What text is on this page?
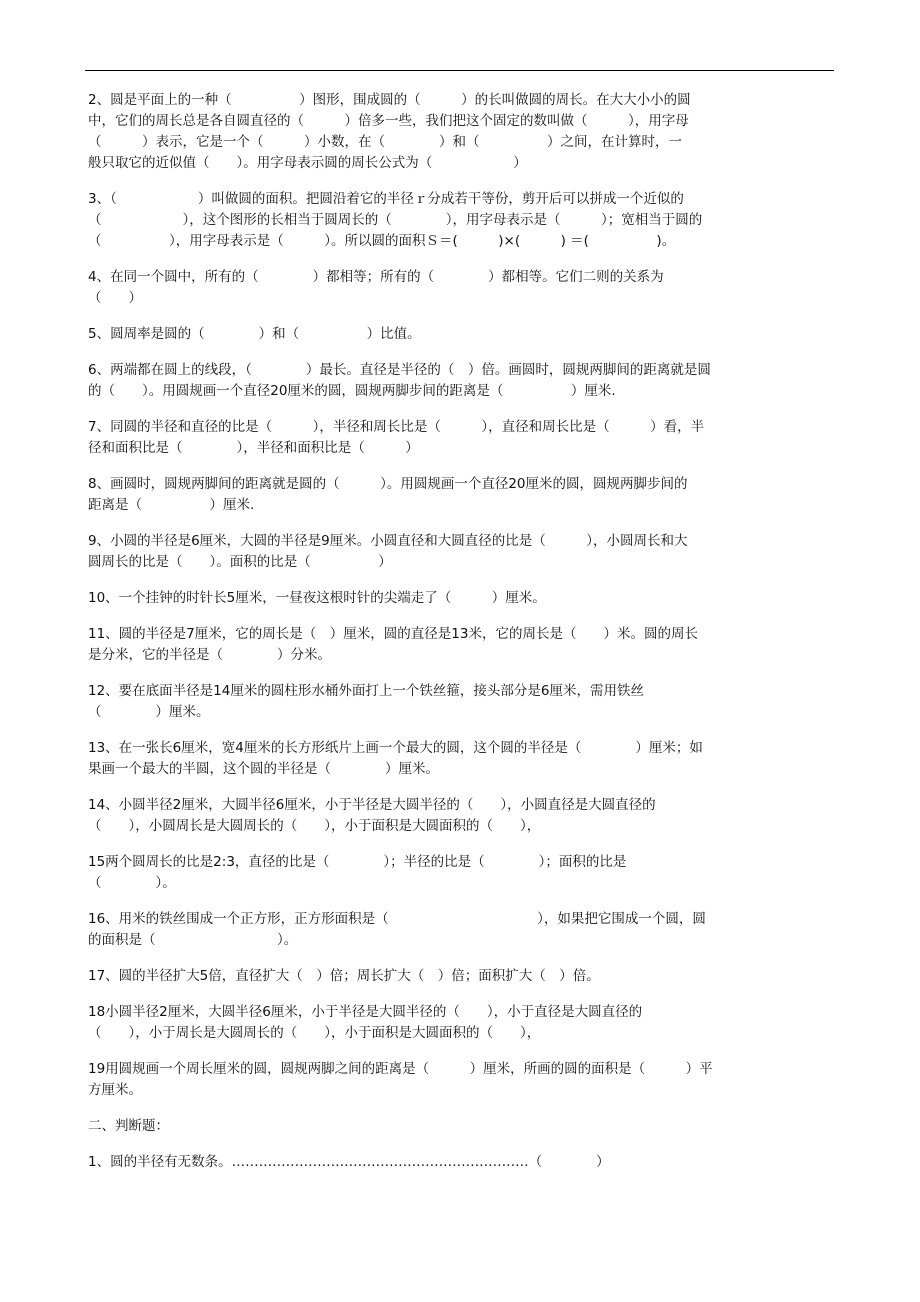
2、圆是平面上的一种（　　　　　）图形，围成圆的（　　　）的长叫做圆的周长。在大大小小的圆
中，它们的周长总是各自圆直径的（　　　）倍多一些，我们把这个固定的数叫做（　　　），用字母
（　　　）表示，它是一个（　　　）小数，在（　　　　）和（　　　　　）之间，在计算时，一
般只取它的近似值（　　）。用字母表示圆的周长公式为（　　　　　　）
3、（　　　　　　）叫做圆的面积。把圆沿着它的半径ｒ分成若干等份，剪开后可以拼成一个近似的
（　　　　　　），这个图形的长相当于圆周长的（　　　　），用字母表示是（　　　）；宽相当于圆的
（　　　　　），用字母表示是（　　　）。所以圆的面积Ｓ＝(　　　)×(　　　) ＝(　　　　　)。
4、在同一个圆中，所有的（　　　　）都相等；所有的（　　　　）都相等。它们二则的关系为
（　　）
5、圆周率是圆的（　　　　）和（　　　　　）比值。
6、两端都在圆上的线段，（　　　　）最长。直径是半径的（　）倍。画圆时，圆规两脚间的距离就是圆
的（　　）。用圆规画一个直径20厘米的圆，圆规两脚步间的距离是（　　　　　）厘米.
7、同圆的半径和直径的比是（　　　），半径和周长比是（　　　），直径和周长比是（　　　）看，半
径和面积比是（　　　　），半径和面积比是（　　　）
8、画圆时，圆规两脚间的距离就是圆的（　　　）。用圆规画一个直径20厘米的圆，圆规两脚步间的
距离是（　　　　　）厘米.
9、小圆的半径是6厘米，大圆的半径是9厘米。小圆直径和大圆直径的比是（　　　），小圆周长和大
圆周长的比是（　　）。面积的比是（　　　　　）
10、一个挂钟的时针长5厘米，一昼夜这根时针的尖端走了（　　　）厘米。
11、圆的半径是7厘米，它的周长是（　）厘米，圆的直径是13米，它的周长是（　　）米。圆的周长
是分米，它的半径是（　　　　）分米。
12、要在底面半径是14厘米的圆柱形水桶外面打上一个铁丝箍，接头部分是6厘米，需用铁丝
（　　　　）厘米。
13、在一张长6厘米，宽4厘米的长方形纸片上画一个最大的圆，这个圆的半径是（　　　　）厘米；如
果画一个最大的半圆，这个圆的半径是（　　　　）厘米。
14、小圆半径2厘米，大圆半径6厘米，小于半径是大圆半径的（　　），小圆直径是大圆直径的
（　　），小圆周长是大圆周长的（　　），小于面积是大圆面积的（　　），
15两个圆周长的比是2:3，直径的比是（　　　　）；半径的比是（　　　　）；面积的比是
（　　　　）。
16、用米的铁丝围成一个正方形，正方形面积是（　　　　　　　　　　　），如果把它围成一个圆，圆
的面积是（　　　　　　　　　）。
17、圆的半径扩大5倍，直径扩大（　）倍；周长扩大（　）倍；面积扩大（　）倍。
18小圆半径2厘米，大圆半径6厘米，小于半径是大圆半径的（　　），小于直径是大圆直径的
（　　），小于周长是大圆周长的（　　），小于面积是大圆面积的（　　），
19用圆规画一个周长厘米的圆，圆规两脚之间的距离是（　　　）厘米，所画的圆的面积是（　　　）平
方厘米。
二、判断题：
1、圆的半径有无数条。…………………………………………………………（　　　　）
